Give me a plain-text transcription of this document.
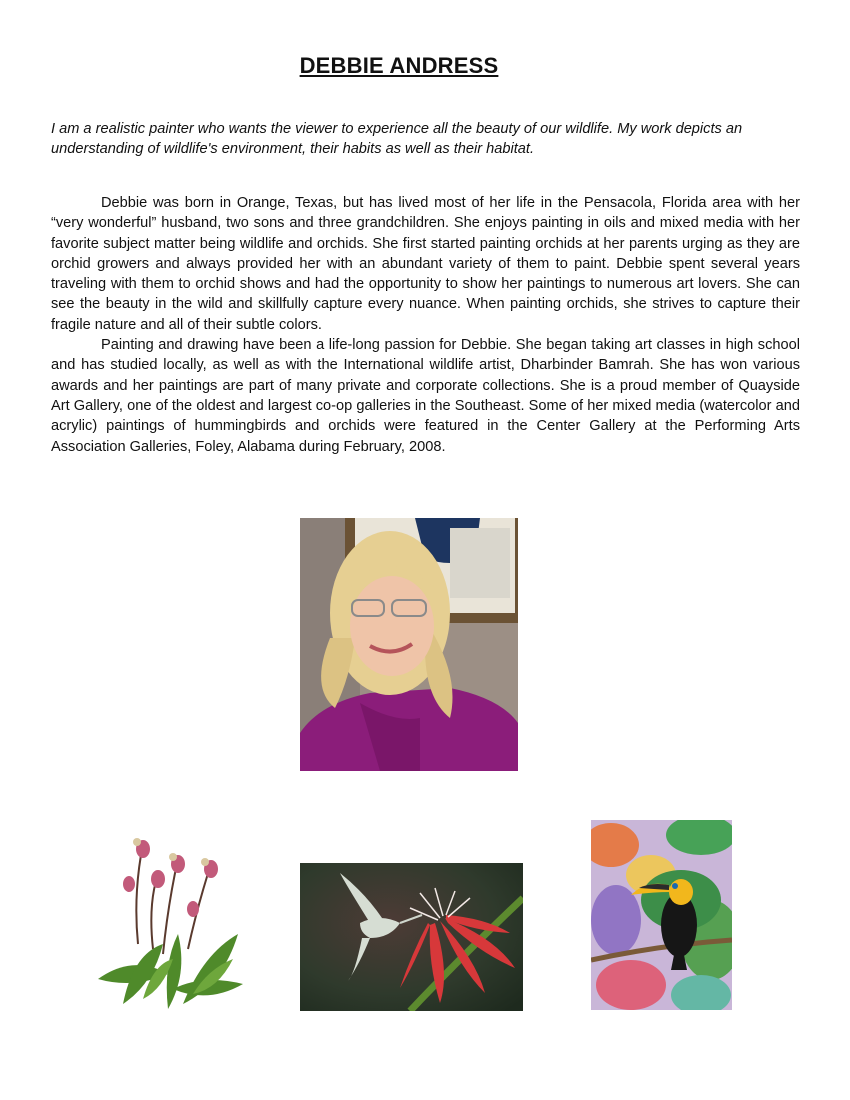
DEBBIE ANDRESS

I am a realistic painter who wants the viewer to experience all the beauty of our wildlife. My work depicts an understanding of wildlife's environment, their habits as well as their habitat.

Debbie was born in Orange, Texas, but has lived most of her life in the Pensacola, Florida area with her “very wonderful” husband, two sons and three grandchildren. She enjoys painting in oils and mixed media with her favorite subject matter being wildlife and orchids. She first started painting orchids at her parents urging as they are orchid growers and always provided her with an abundant variety of them to paint. Debbie spent several years traveling with them to orchid shows and had the opportunity to show her paintings to numerous art lovers. She can see the beauty in the wild and skillfully capture every nuance. When painting orchids, she strives to capture their fragile nature and all of their subtle colors.

Painting and drawing have been a life-long passion for Debbie. She began taking art classes in high school and has studied locally, as well as with the International wildlife artist, Dharbinder Bamrah. She has won various awards and her paintings are part of many private and corporate collections. She is a proud member of Quayside Art Gallery, one of the oldest and largest co-op galleries in the Southeast. Some of her mixed media (watercolor and acrylic) paintings of hummingbirds and orchids were featured in the Center Gallery at the Performing Arts Association Galleries, Foley, Alabama during February, 2008.
